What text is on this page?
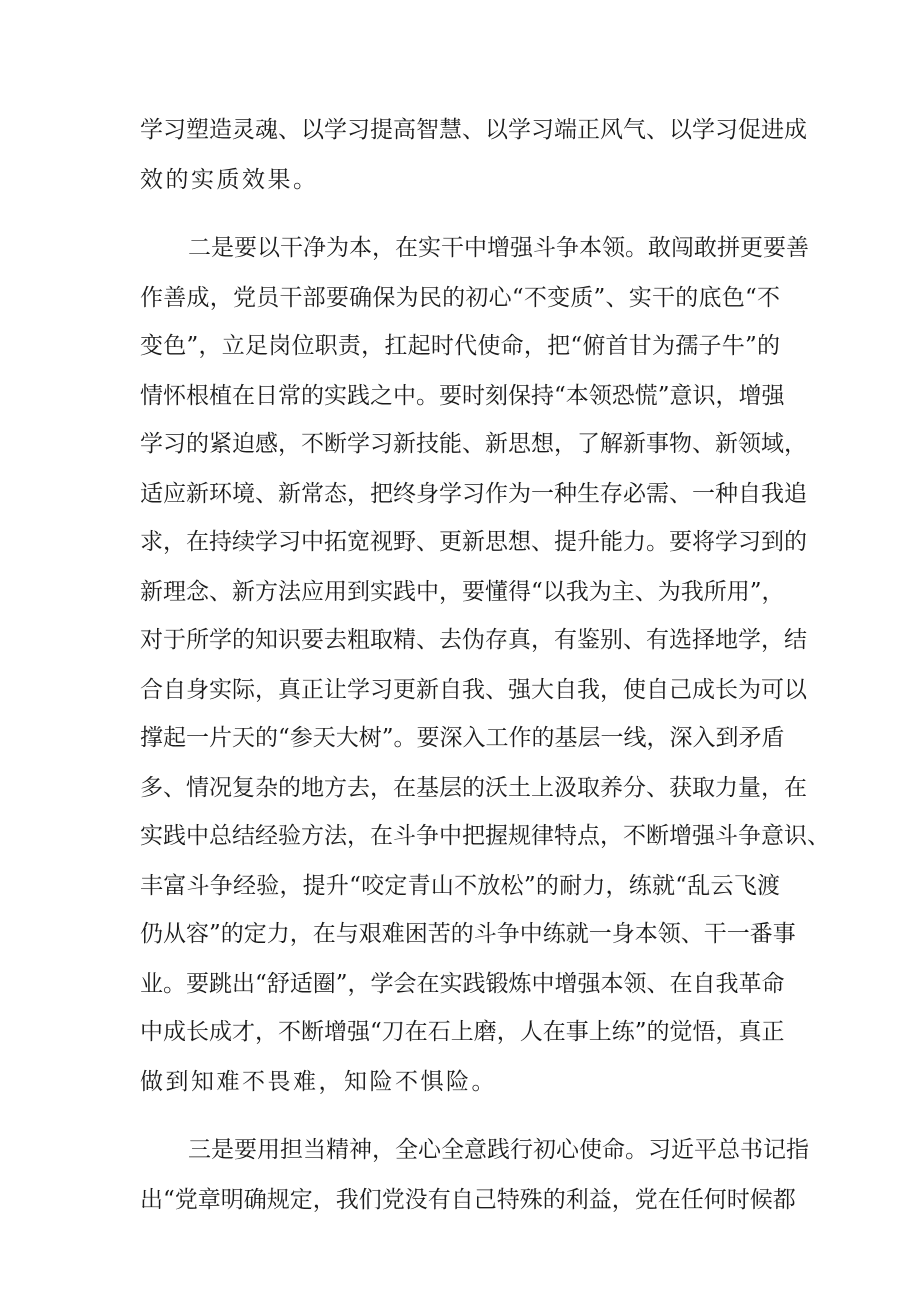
学习塑造灵魂、以学习提高智慧、以学习端正风气、以学习促进成
效的实质效果。
二是要以干净为本，在实干中增强斗争本领。敢闯敢拼更要善
作善成，党员干部要确保为民的初心“不变质”、实干的底色“不
变色”，立足岗位职责，扛起时代使命，把“俯首甘为孺子牛”的
情怀根植在日常的实践之中。要时刻保持“本领恐慌”意识，增强
学习的紧迫感，不断学习新技能、新思想，了解新事物、新领域，
适应新环境、新常态，把终身学习作为一种生存必需、一种自我追
求，在持续学习中拓宽视野、更新思想、提升能力。要将学习到的
新理念、新方法应用到实践中，要懂得“以我为主、为我所用”，
对于所学的知识要去粗取精、去伪存真，有鉴别、有选择地学，结
合自身实际，真正让学习更新自我、强大自我，使自己成长为可以
撑起一片天的“参天大树”。要深入工作的基层一线，深入到矛盾
多、情况复杂的地方去，在基层的沃土上汲取养分、获取力量，在
实践中总结经验方法，在斗争中把握规律特点，不断增强斗争意识、
丰富斗争经验，提升“咬定青山不放松”的耐力，练就“乱云飞渡
仍从容”的定力，在与艰难困苦的斗争中练就一身本领、干一番事
业。要跳出“舒适圈”，学会在实践锻炼中增强本领、在自我革命
中成长成才，不断增强“刀在石上磨，人在事上练”的觉悟，真正
做到知难不畏难，知险不惧险。
三是要用担当精神，全心全意践行初心使命。习近平总书记指
出“党章明确规定，我们党没有自己特殊的利益，党在任何时候都
